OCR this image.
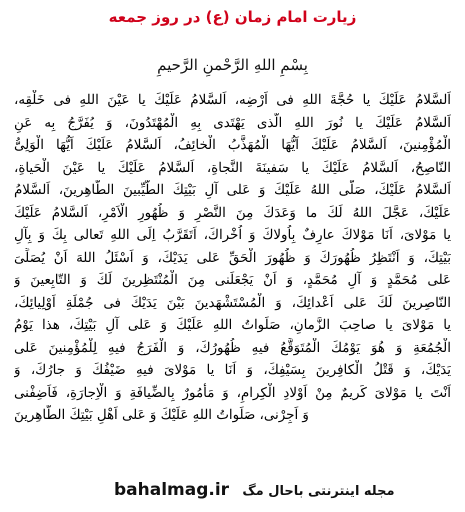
زیارت امام زمان (ع) در روز جمعه
بِسْمِ اللهِ الرَّحْمنِ الرَّحیمِ
اَلسَّلامُ عَلَيْكَ يا حُجَّةَ اللهِ فى اَرْضِه، اَلسَّلامُ عَلَيْكَ يا عَيْنَ اللهِ فى خَلْقِه،
اَلسَّلامُ عَلَيْكَ يا نُورَ اللهِ الَّذى يَهْتَدى بِهِ الْمُهْتَدُونَ، وَ يُفَرَّجُ بِه عَنِ
الْمُؤْمِنينَ، اَلسَّلامُ عَلَيْكَ اَيُّهَا الْمُهَذَّبُ الْخائِفُ، اَلسَّلامُ عَلَيْكَ اَيُّهَا الْوَلِىُّ
النّاصِحُ، اَلسَّلامُ عَلَيْكَ يا سَفينَةَ النَّجاةِ، اَلسَّلامُ عَلَيْكَ يا عَيْنَ الْحَياةِ،
اَلسَّلامُ عَلَيْكَ، صَلَّى اللهُ عَلَيْكَ وَ عَلى آلِ بَيْتِكَ الطَّيِّبينَ الطّاهِرينَ، اَلسَّلامُ
عَلَيْكَ، عَجَّلَ اللهُ لَكَ ما وَعَدَكَ مِنَ النَّصْرِ وَ ظُهُورِ الْاَمْرِ، اَلسَّلامُ عَلَيْكَ
يا مَوْلاىَ، اَنَا مَوْلاكَ عارِفٌ بِاُولاكَ وَ اُخْراكَ، اَتَقَرَّبُ اِلَى اللهِ تَعالى بِكَ وَ بِآلِ
بَيْتِكَ، وَ اَنْتَظِرُ ظُهُورَكَ وَ ظُهُورَ الْحَقِّ عَلى يَدَيْكَ، وَ اَسْئَلُ اللهَ اَنْ يُصَلِّىَ
عَلى مُحَمَّدٍ وَ آلِ مُحَمَّدٍ، وَ اَنْ يَجْعَلَنى مِنَ الْمُنْتَظِرينَ لَكَ وَ التّابِعينَ وَ
النّاصِرينَ لَكَ عَلى اَعْدائِكَ، وَ الْمُسْتَشْهَدينَ بَيْنَ يَدَيْكَ فى جُمْلَةِ اَوْلِيائِكَ،
يا مَوْلاىَ يا صاحِبَ الزَّمانِ، صَلَواتُ اللهِ عَلَيْكَ وَ عَلى آلِ بَيْتِكَ، هذا يَوْمُ
الْجُمُعَةِ وَ هُوَ يَوْمُكَ الْمُتَوَقَّعُ فيهِ ظُهُورُكَ، وَ الْفَرَجُ فيهِ لِلْمُؤْمِنينَ عَلى
يَدَيْكَ، وَ قَتْلُ الْكافِرينَ بِسَيْفِكَ، وَ اَنَا يا مَوْلاىَ فيهِ ضَيْفُكَ وَ جارُكَ، وَ
اَنْتَ يا مَوْلاىَ كَريمٌ مِنْ اَوْلادِ الْكِرامِ، وَ مَأْمُورٌ بِالضِّيافَةِ وَ الْاِجارَةِ، فَاَضِفْنى
وَ اَجِرْنى، صَلَواتُ اللهِ عَلَيْكَ وَ عَلى اَهْلِ بَيْتِكَ الطّاهِرينَ
bahalmag.ir مجله اینترنتی باحال مگ
